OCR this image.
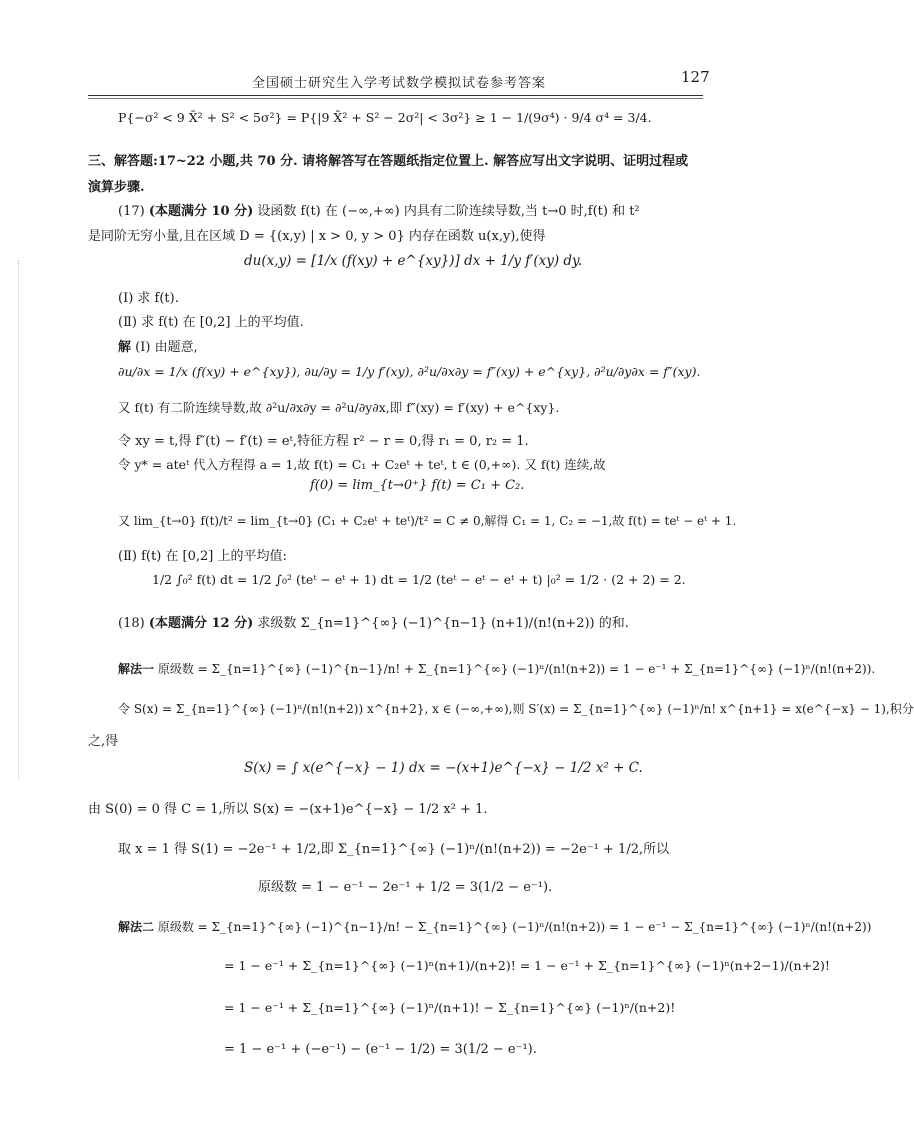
全国硕士研究生入学考试数学模拟试卷参考答案	127
P{−σ² < 9 X̄² + S² < 5σ²} = P{|9 X̄² + S² − 2σ²| < 3σ²} ≥ 1 − 1/(9σ⁴) · 9/4 σ⁴ = 3/4.
三、解答题:17~22 小题,共 70 分. 请将解答写在答题纸指定位置上. 解答应写出文字说明、证明过程或
演算步骤.
(17) (本题满分 10 分) 设函数 f(t) 在 (−∞,+∞) 内具有二阶连续导数,当 t→0 时,f(t) 和 t²
是同阶无穷小量,且在区域 D = {(x,y) | x > 0, y > 0} 内存在函数 u(x,y),使得
du(x,y) = [1/x (f(xy) + e^{xy})] dx + 1/y f′(xy) dy.
(Ⅰ) 求 f(t).
(Ⅱ) 求 f(t) 在 [0,2] 上的平均值.
解 (Ⅰ) 由题意,
∂u/∂x = 1/x (f(xy) + e^{xy}), ∂u/∂y = 1/y f′(xy), ∂²u/∂x∂y = f″(xy) + e^{xy}, ∂²u/∂y∂x = f″(xy).
又 f(t) 有二阶连续导数,故 ∂²u/∂x∂y = ∂²u/∂y∂x,即 f″(xy) = f′(xy) + e^{xy}.
令 xy = t,得 f″(t) − f′(t) = eᵗ,特征方程 r² − r = 0,得 r₁ = 0, r₂ = 1.
令 y* = ateᵗ 代入方程得 a = 1,故 f(t) = C₁ + C₂eᵗ + teᵗ, t ∈ (0,+∞). 又 f(t) 连续,故
f(0) = lim_{t→0⁺} f(t) = C₁ + C₂.
又 lim_{t→0} f(t)/t² = lim_{t→0} (C₁ + C₂eᵗ + teᵗ)/t² = C ≠ 0,解得 C₁ = 1, C₂ = −1,故 f(t) = teᵗ − eᵗ + 1.
(Ⅱ) f(t) 在 [0,2] 上的平均值:
1/2 ∫₀² f(t) dt = 1/2 ∫₀² (teᵗ − eᵗ + 1) dt = 1/2 (teᵗ − eᵗ − eᵗ + t) |₀² = 1/2 · (2 + 2) = 2.
(18) (本题满分 12 分) 求级数 Σ_{n=1}^{∞} (−1)^{n−1} (n+1)/(n!(n+2)) 的和.
解法一 原级数 = Σ_{n=1}^{∞} (−1)^{n−1}/n! + Σ_{n=1}^{∞} (−1)ⁿ/(n!(n+2)) = 1 − e⁻¹ + Σ_{n=1}^{∞} (−1)ⁿ/(n!(n+2)).
令 S(x) = Σ_{n=1}^{∞} (−1)ⁿ/(n!(n+2)) x^{n+2}, x ∈ (−∞,+∞),则 S′(x) = Σ_{n=1}^{∞} (−1)ⁿ/n! x^{n+1} = x(e^{−x} − 1),积分
之,得
S(x) = ∫ x(e^{−x} − 1) dx = −(x+1)e^{−x} − 1/2 x² + C.
由 S(0) = 0 得 C = 1,所以 S(x) = −(x+1)e^{−x} − 1/2 x² + 1.
取 x = 1 得 S(1) = −2e⁻¹ + 1/2,即 Σ_{n=1}^{∞} (−1)ⁿ/(n!(n+2)) = −2e⁻¹ + 1/2,所以
原级数 = 1 − e⁻¹ − 2e⁻¹ + 1/2 = 3(1/2 − e⁻¹).
解法二 原级数 = Σ_{n=1}^{∞} (−1)^{n−1}/n! − Σ_{n=1}^{∞} (−1)ⁿ/(n!(n+2)) = 1 − e⁻¹ − Σ_{n=1}^{∞} (−1)ⁿ/(n!(n+2))
= 1 − e⁻¹ + Σ_{n=1}^{∞} (−1)ⁿ(n+1)/(n+2)! = 1 − e⁻¹ + Σ_{n=1}^{∞} (−1)ⁿ(n+2−1)/(n+2)!
= 1 − e⁻¹ + Σ_{n=1}^{∞} (−1)ⁿ/(n+1)! − Σ_{n=1}^{∞} (−1)ⁿ/(n+2)!
= 1 − e⁻¹ + (−e⁻¹) − (e⁻¹ − 1/2) = 3(1/2 − e⁻¹).
